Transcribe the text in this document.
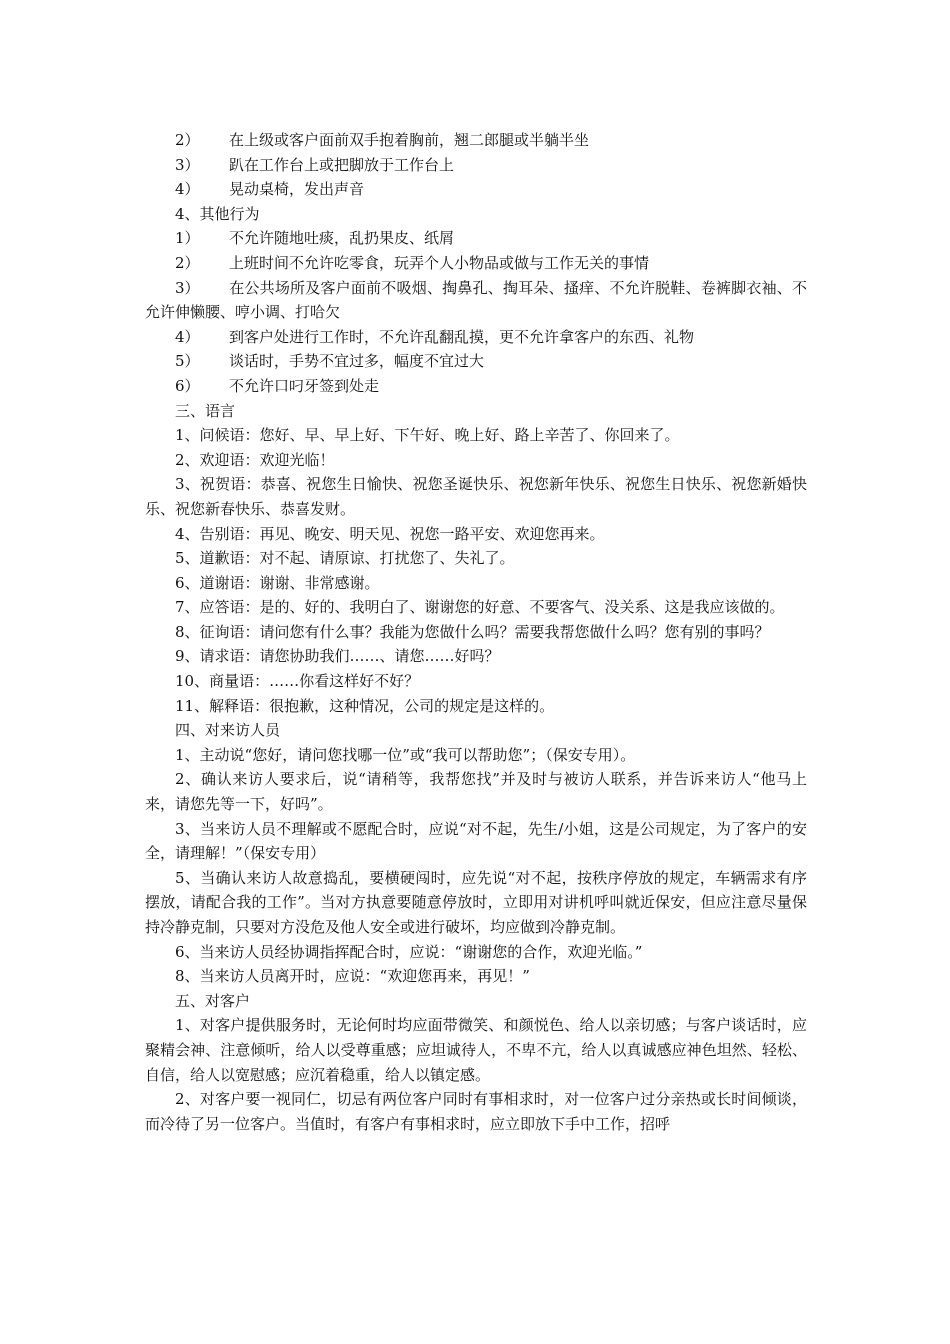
2）	在上级或客户面前双手抱着胸前，翘二郎腿或半躺半坐
3）	趴在工作台上或把脚放于工作台上
4）	晃动桌椅，发出声音

4、其他行为

1）	不允许随地吐痰，乱扔果皮、纸屑
2）	上班时间不允许吃零食，玩弄个人小物品或做与工作无关的事情

3） 在公共场所及客户面前不吸烟、掏鼻孔、掏耳朵、搔痒、不允许脱鞋、卷裤脚衣袖、不允许伸懒腰、哼小调、打哈欠

4）	到客户处进行工作时，不允许乱翻乱摸，更不允许拿客户的东西、礼物
5）	谈话时，手势不宜过多，幅度不宜过大
6）	不允许口叼牙签到处走

三、语言

1、问候语：您好、早、早上好、下午好、晚上好、路上辛苦了、你回来了。

2、欢迎语：欢迎光临！

3、祝贺语：恭喜、祝您生日愉快、祝您圣诞快乐、祝您新年快乐、祝您生日快乐、祝您新婚快乐、祝您新春快乐、恭喜发财。

4、告别语：再见、晚安、明天见、祝您一路平安、欢迎您再来。

5、道歉语：对不起、请原谅、打扰您了、失礼了。

6、道谢语：谢谢、非常感谢。

7、应答语：是的、好的、我明白了、谢谢您的好意、不要客气、没关系、这是我应该做的。

8、征询语：请问您有什么事？我能为您做什么吗？需要我帮您做什么吗？您有别的事吗？

9、请求语：请您协助我们……、请您……好吗？

10、商量语：……你看这样好不好？

11、解释语：很抱歉，这种情况，公司的规定是这样的。

四、对来访人员

1、主动说“您好，请问您找哪一位”或“我可以帮助您”；（保安专用）。

2、确认来访人要求后，说“请稍等，我帮您找”并及时与被访人联系，并告诉来访人“他马上来，请您先等一下，好吗”。

3、当来访人员不理解或不愿配合时，应说“对不起，先生/小姐，这是公司规定，为了客户的安全，请理解！”（保安专用）

5、当确认来访人故意捣乱，要横硬闯时，应先说“对不起，按秩序停放的规定，车辆需求有序摆放，请配合我的工作”。当对方执意要随意停放时，立即用对讲机呼叫就近保安，但应注意尽量保持冷静克制，只要对方没危及他人安全或进行破坏，均应做到冷静克制。

6、当来访人员经协调指挥配合时，应说：“谢谢您的合作，欢迎光临。”

8、当来访人员离开时，应说：“欢迎您再来，再见！”

五、对客户

1、对客户提供服务时，无论何时均应面带微笑、和颜悦色、给人以亲切感；与客户谈话时，应聚精会神、注意倾听，给人以受尊重感；应坦诚待人，不卑不亢，给人以真诚感应神色坦然、轻松、自信，给人以宽慰感；应沉着稳重，给人以镇定感。

2、对客户要一视同仁，切忌有两位客户同时有事相求时，对一位客户过分亲热或长时间倾谈，而冷待了另一位客户。当值时，有客户有事相求时，应立即放下手中工作，招呼
